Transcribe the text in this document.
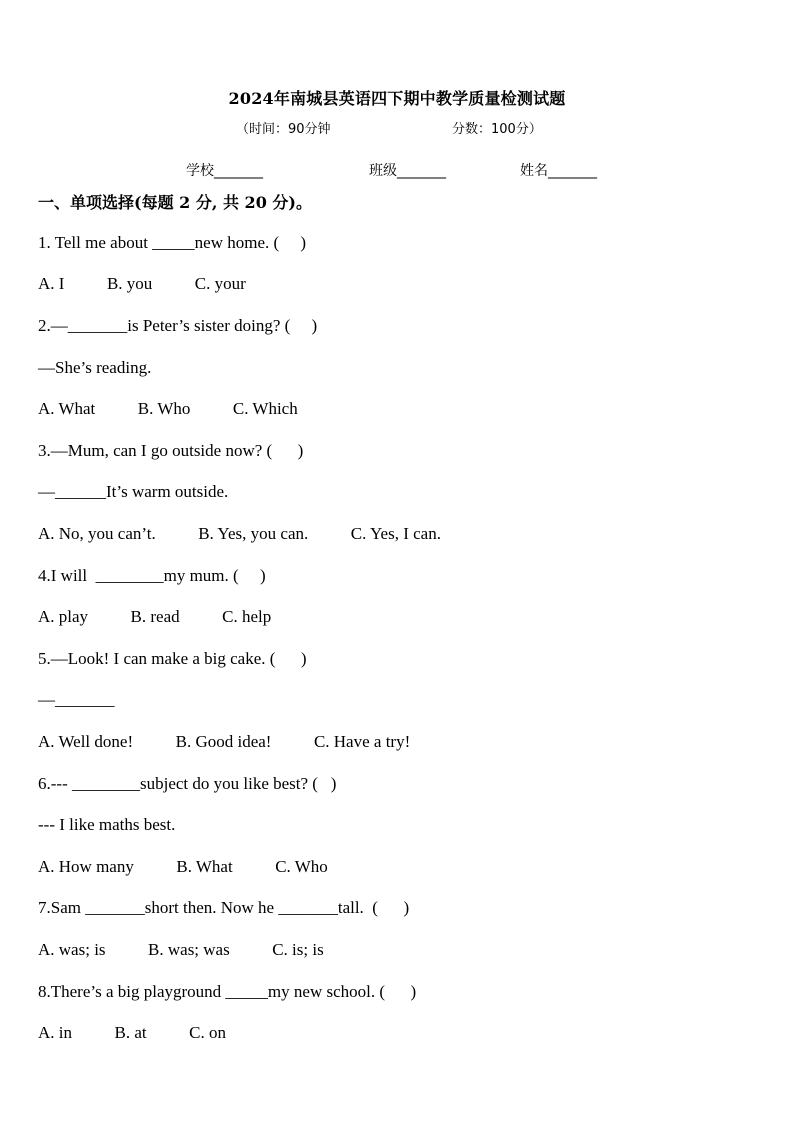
2024年南城县英语四下期中教学质量检测试题
（时间：90分钟	分数：100分）
学校_______	班级_______	姓名_______
一、单项选择(每题 2 分, 共 20 分)。
1. Tell me about _____new home. (     )
A. I          B. you          C. your
2.—_______is Peter’s sister doing? (     )
—She’s reading.
A. What          B. Who          C. Which
3.—Mum, can I go outside now? (      )
—______It’s warm outside.
A. No, you can’t.          B. Yes, you can.          C. Yes, I can.
4.I will  ________my mum. (     )
A. play          B. read          C. help
5.—Look! I can make a big cake. (      )
—_______
A. Well done!          B. Good idea!          C. Have a try!
6.--- ________subject do you like best? (   )
--- I like maths best.
A. How many          B. What          C. Who
7.Sam _______short then. Now he _______tall.  (      )
A. was; is          B. was; was          C. is; is
8.There’s a big playground _____my new school. (      )
A. in          B. at          C. on
